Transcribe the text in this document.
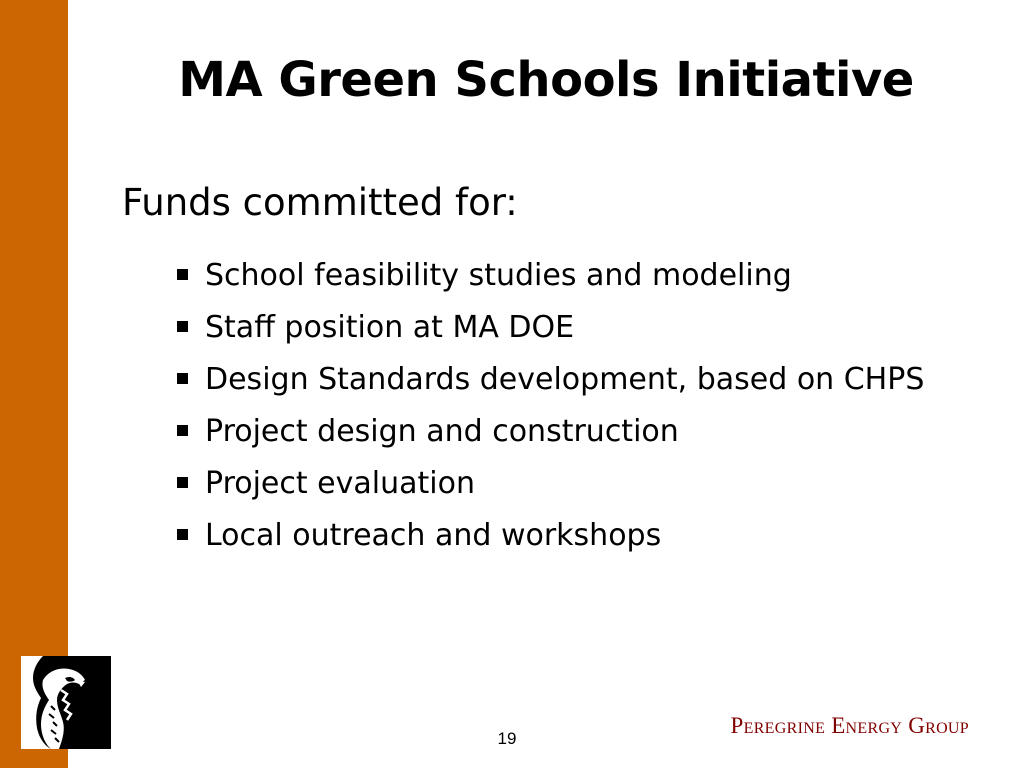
MA Green Schools Initiative

Funds committed for:

School feasibility studies and modeling
Staff position at MA DOE
Design Standards development, based on CHPS
Project design and construction
Project evaluation
Local outreach and workshops
19
Peregrine Energy Group
